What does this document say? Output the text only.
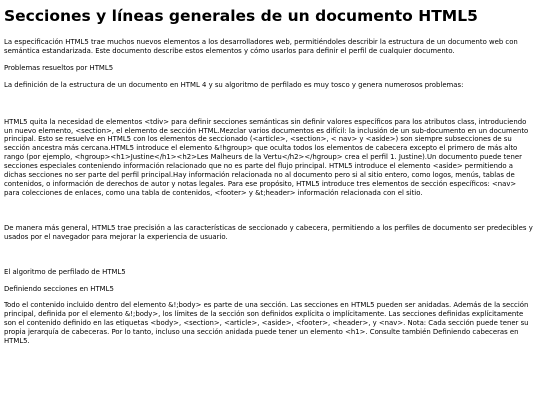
Secciones y líneas generales de un documento HTML5

La especificación HTML5 trae muchos nuevos elementos a los desarrolladores web, permitiéndoles describir la estructura de un documento web con semántica estandarizada. Este documento describe estos elementos y cómo usarlos para definir el perfil de cualquier documento.

Problemas resueltos por HTML5

La definición de la estructura de un documento en HTML 4 y su algoritmo de perfilado es muy tosco y genera numerosos problemas:

HTML5 quita la necesidad de elementos <tdiv> para definir secciones semánticas sin definir valores específicos para los atributos class, introduciendo un nuevo elemento, <section>, el elemento de sección HTML.Mezclar varios documentos es difícil: la inclusión de un sub-documento en un documento principal. Esto se resuelve en HTML5 con los elementos de seccionado (<article>, <section>, < nav> y <aside>) son siempre subsecciones de su sección ancestra más cercana.HTML5 introduce el elemento &!hgroup> que oculta todos los elementos de cabecera excepto el primero de más alto rango (por ejemplo, <hgroup><h1>Justine</h1><h2>Les Malheurs de la Vertu</h2></hgroup> crea el perfil 1. Justine).Un documento puede tener secciones especiales conteniendo información relacionado que no es parte del flujo principal. HTML5 introduce el elemento <aside> permitiendo a dichas secciones no ser parte del perfil principal.Hay información relacionada no al documento pero si al sitio entero, como logos, menús, tablas de contenidos, o información de derechos de autor y notas legales. Para ese propósito, HTML5 introduce tres elementos de sección específicos: <nav> para colecciones de enlaces, como una tabla de contenidos, <footer> y &t;header> información relacionada con el sitio.

De manera más general, HTML5 trae precisión a las características de seccionado y cabecera, permitiendo a los perfiles de documento ser predecibles y usados por el navegador para mejorar la experiencia de usuario.

El algoritmo de perfilado de HTML5

Definiendo secciones en HTML5

Todo el contenido incluido dentro del elemento &!;body> es parte de una sección. Las secciones en HTML5 pueden ser anidadas. Además de la sección principal, definida por el elemento &!;body>, los límites de la sección son definidos explícita o implícitamente. Las secciones definidas explícitamente son el contenido definido en las etiquetas <body>, <section>, <article>, <aside>, <footer>, <header>, y <nav>. Nota: Cada sección puede tener su propia jerarquía de cabeceras. Por lo tanto, incluso una sección anidada puede tener un elemento <h1>. Consulte también Definiendo cabeceras en HTML5.
